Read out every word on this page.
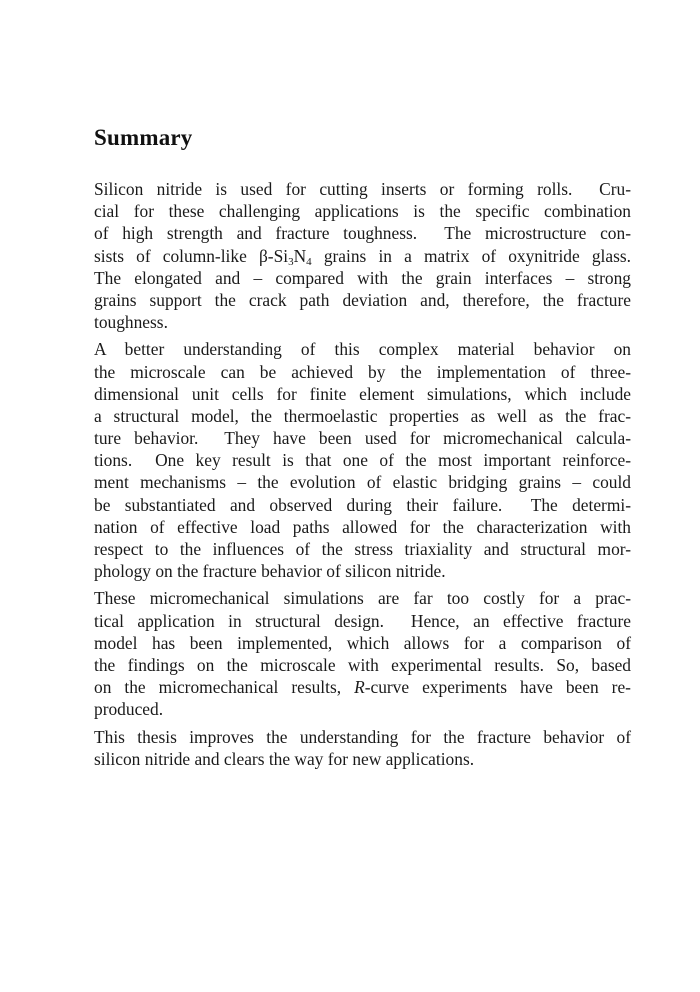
Summary

Silicon nitride is used for cutting inserts or forming rolls.  Cru-
cial for these challenging applications is the specific combination
of high strength and fracture toughness.  The microstructure con-
sists of column-like $\beta-Si_3N_4$ grains in a matrix of oxynitride glass.
The elongated and – compared with the grain interfaces – strong
grains support the crack path deviation and, therefore, the fracture
toughness.

A better understanding of this complex material behavior on
the microscale can be achieved by the implementation of three-
dimensional unit cells for finite element simulations, which include
a structural model, the thermoelastic properties as well as the frac-
ture behavior.  They have been used for micromechanical calcula-
tions.  One key result is that one of the most important reinforce-
ment mechanisms – the evolution of elastic bridging grains – could
be substantiated and observed during their failure.  The determi-
nation of effective load paths allowed for the characterization with
respect to the influences of the stress triaxiality and structural mor-
phology on the fracture behavior of silicon nitride.

These micromechanical simulations are far too costly for a prac-
tical application in structural design.  Hence, an effective fracture
model has been implemented, which allows for a comparison of
the findings on the microscale with experimental results. So, based
on the micromechanical results, R-curve experiments have been re-
produced.

This thesis improves the understanding for the fracture behavior of
silicon nitride and clears the way for new applications.
